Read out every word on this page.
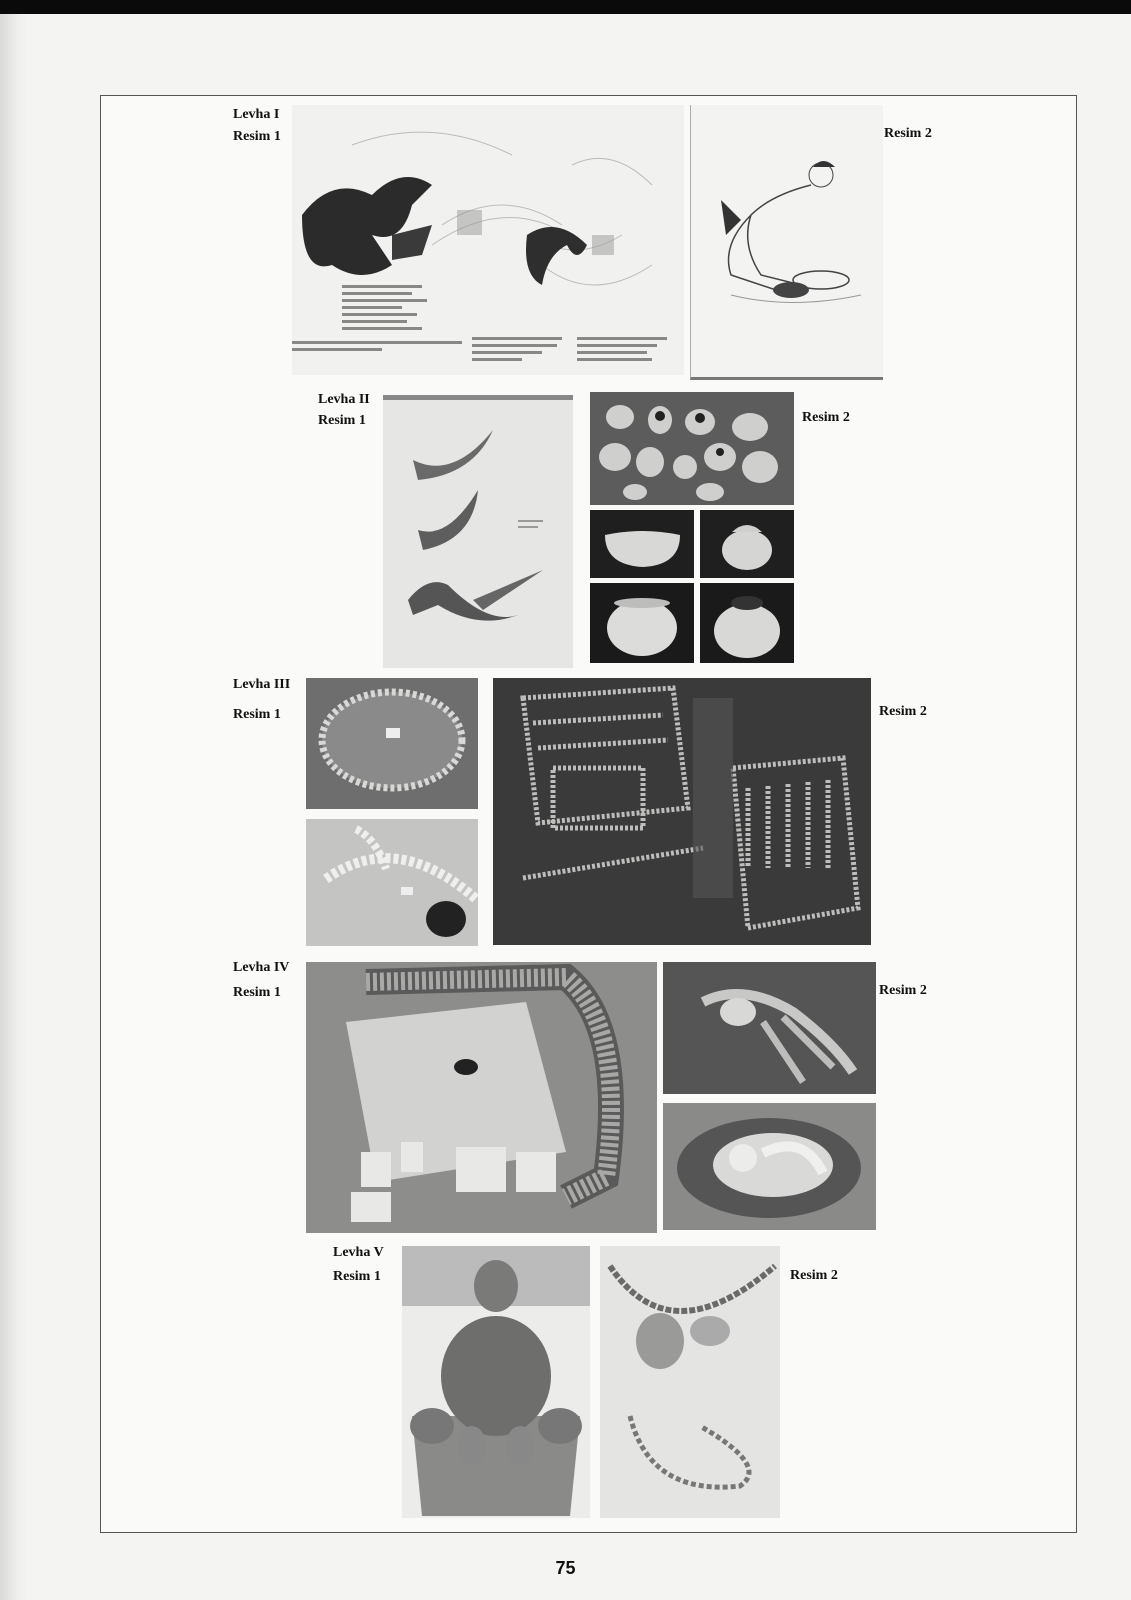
Levha I
Resim 1	Resim 2
Levha II
Resim 1	Resim 2
Levha III
Resim 1	Resim 2
Levha IV
Resim 1	Resim 2
Levha V
Resim 1	Resim 2
75
